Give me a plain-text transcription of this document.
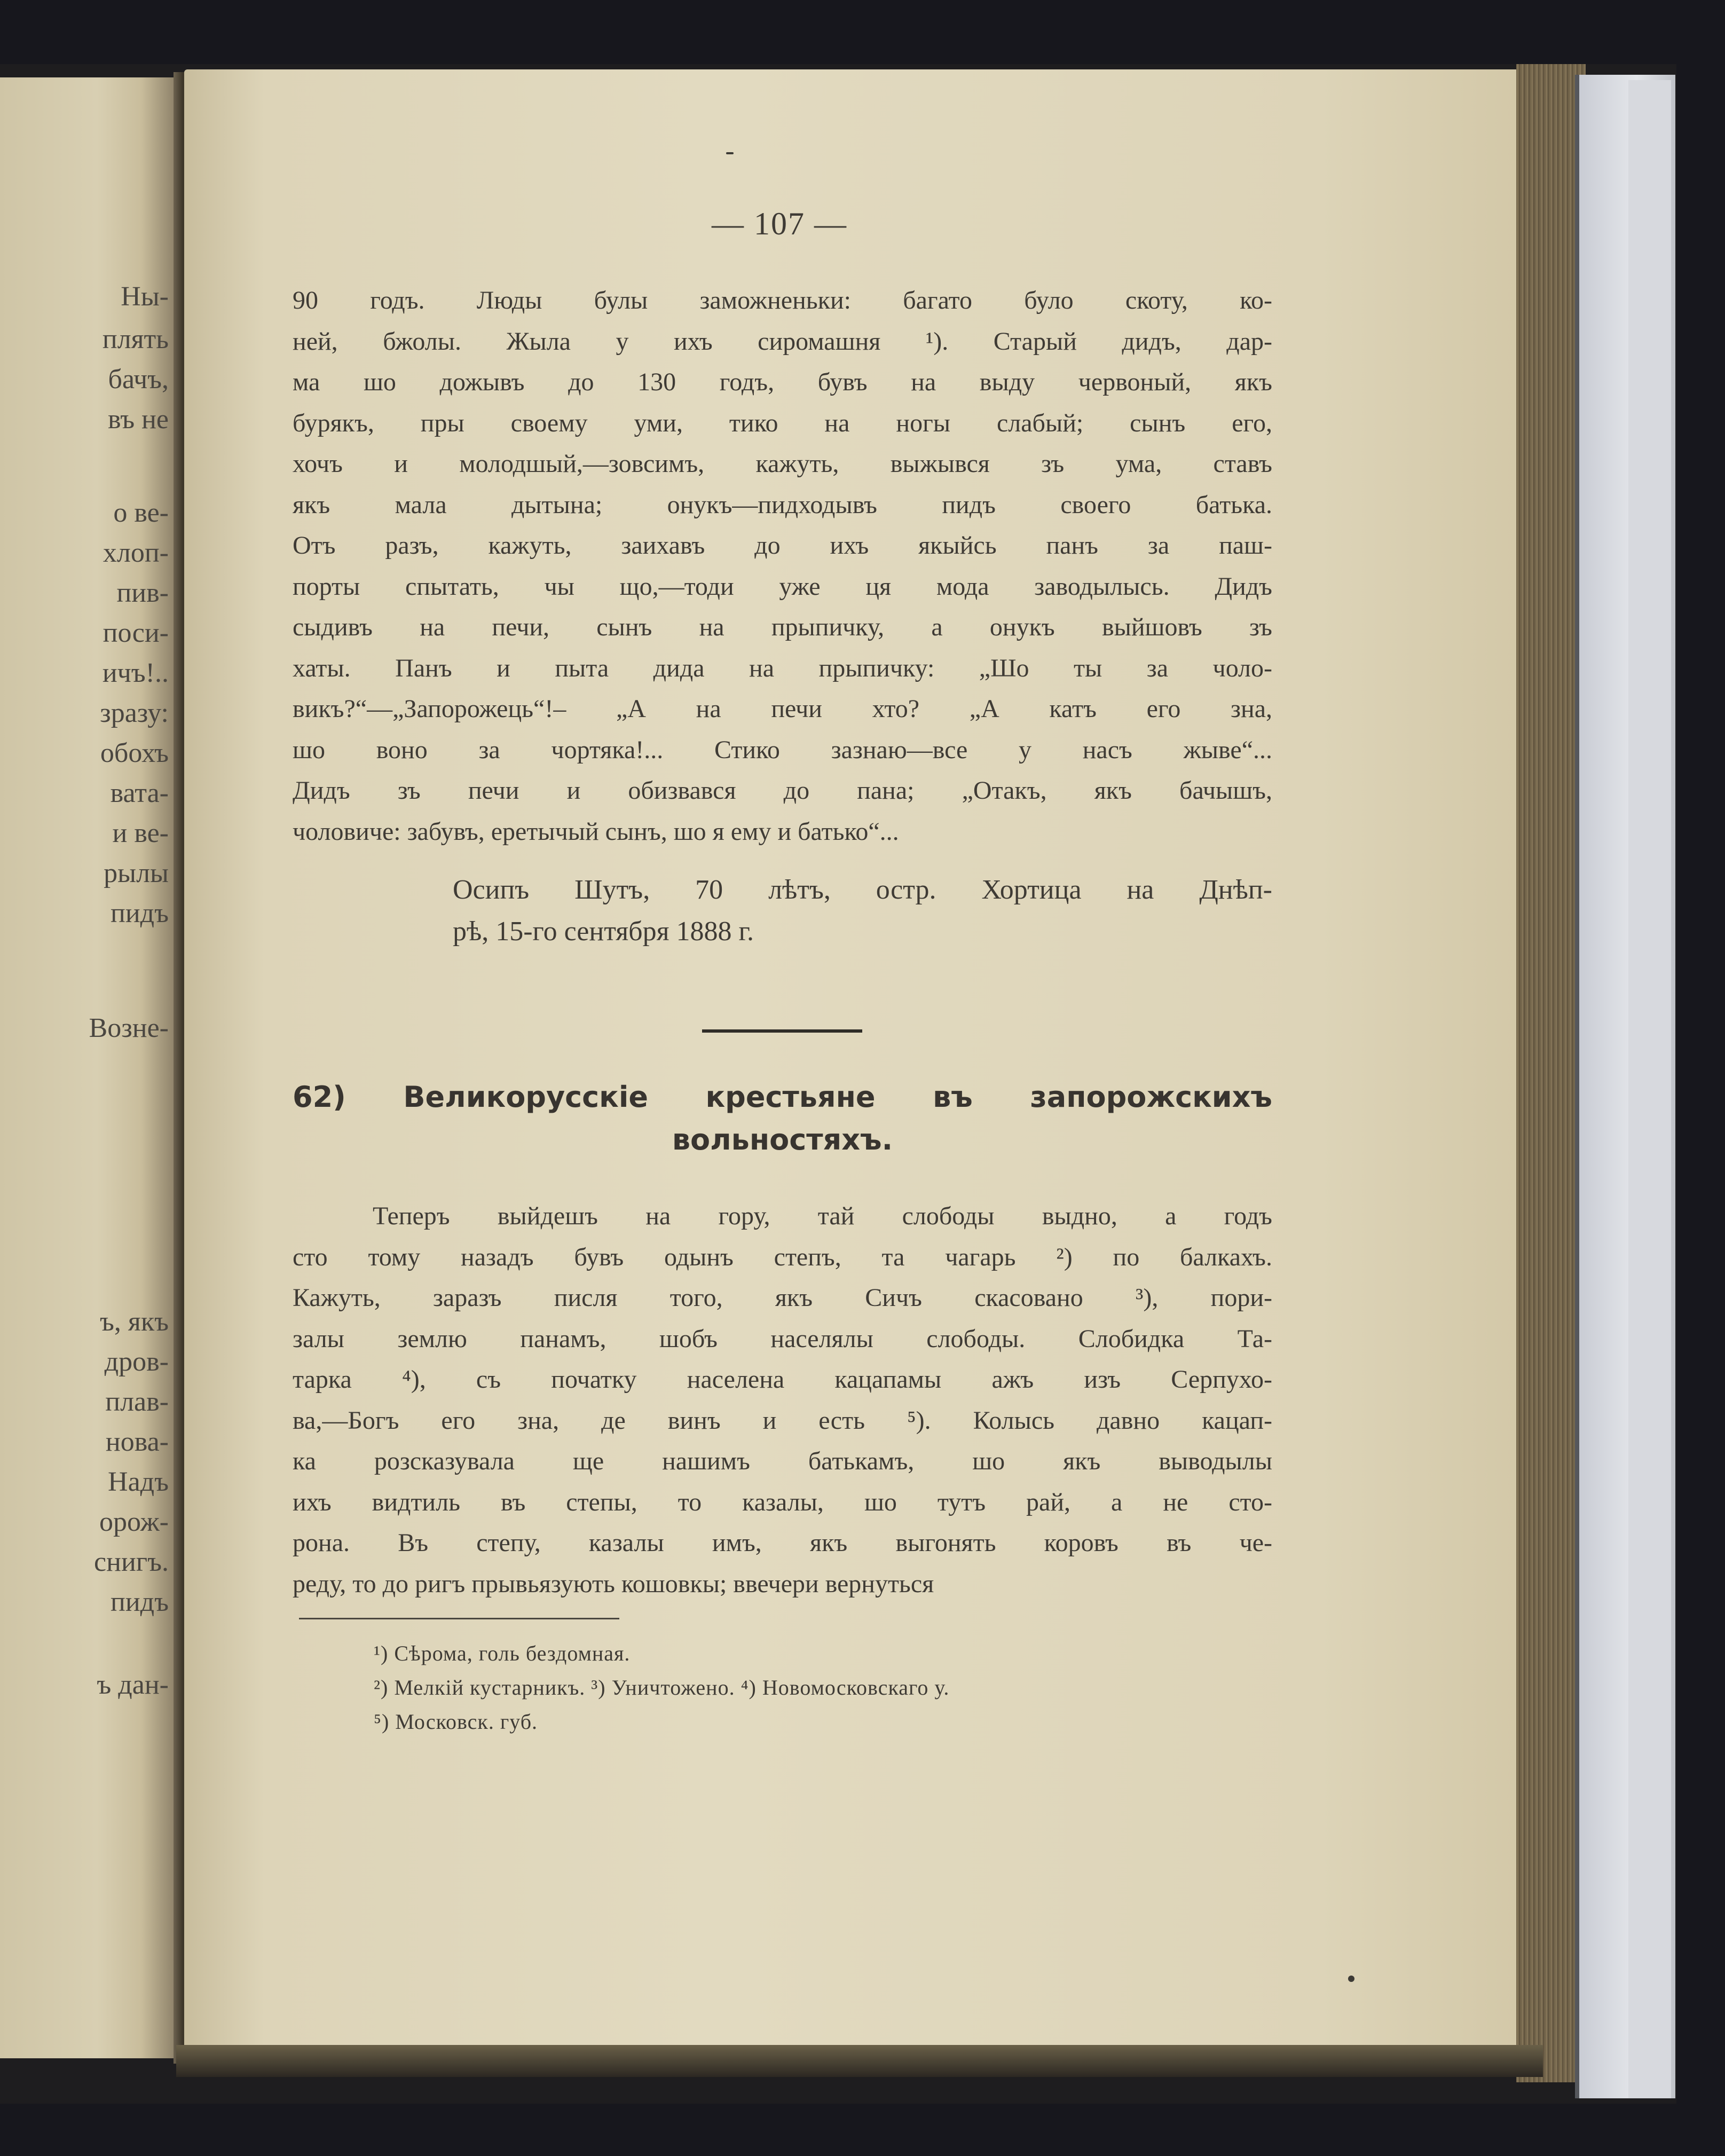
Ны-
плять
бачъ,
въ не
о ве-
хлоп-
пив-
поси-
ичъ!..
зразу:
обохъ
вата-
и ве-
рылы
пидъ
Возне-
ъ, якъ
дров-
плав-
нова-
Надъ
орож-
снигъ.
пидъ
ъ дан-
— 107 —
90 годъ. Люды булы заможненьки: багато було скоту, ко-
ней, бжолы. Жыла у ихъ сиромашня ¹). Старый дидъ, дар-
ма шо дожывъ до 130 годъ, бувъ на выду червоный, якъ
бурякъ, пры своему уми, тико на ногы слабый; сынъ его,
хочъ и молодшый,—зовсимъ, кажуть, выжывся зъ ума, ставъ
якъ мала дытына; онукъ—пидходывъ пидъ своего батька.
Отъ разъ, кажуть, заихавъ до ихъ якыйсь панъ за паш-
порты спытать, чы що,—тоди уже ця мода заводылысь. Дидъ
сыдивъ на печи, сынъ на прыпичку, а онукъ выйшовъ зъ
хаты. Панъ и пыта дида на прыпичку: „Шо ты за чоло-
викъ?“—„Запорожець“!– „А на печи хто? „А катъ его зна,
шо воно за чортяка!... Стико зазнаю—все у насъ жыве“...
Дидъ зъ печи и обизвався до пана; „Отакъ, якъ бачышъ,
чоловиче: забувъ, еретычый сынъ, шо я ему и батько“...
Осипъ Шутъ, 70 лѣтъ, остр. Хортица на Днѣп-
рѣ, 15-го сентября 1888 г.
62) Великорусскіе крестьяне въ запорожскихъ
вольностяхъ.
Теперъ выйдешъ на гору, тай слободы выдно, а годъ
сто тому назадъ бувъ одынъ степъ, та чагарь ²) по балкахъ.
Кажуть, заразъ писля того, якъ Сичъ скасовано ³), пори-
залы землю панамъ, шобъ населялы слободы. Слобидка Та-
тарка ⁴), съ початку населена кацапамы ажъ изъ Серпухо-
ва,—Богъ его зна, де винъ и есть ⁵). Колысь давно кацап-
ка розсказувала ще нашимъ батькамъ, шо якъ выводылы
ихъ видтиль въ степы, то казалы, шо тутъ рай, а не сто-
рона. Въ степу, казалы имъ, якъ выгонять коровъ въ че-
реду, то до ригъ прывьязують кошовкы; ввечери вернуться
¹) Сѣрома, голь бездомная.
²) Мелкій кустарникъ. ³) Уничтожено. ⁴) Новомосковскаго у.
⁵) Московск. губ.
